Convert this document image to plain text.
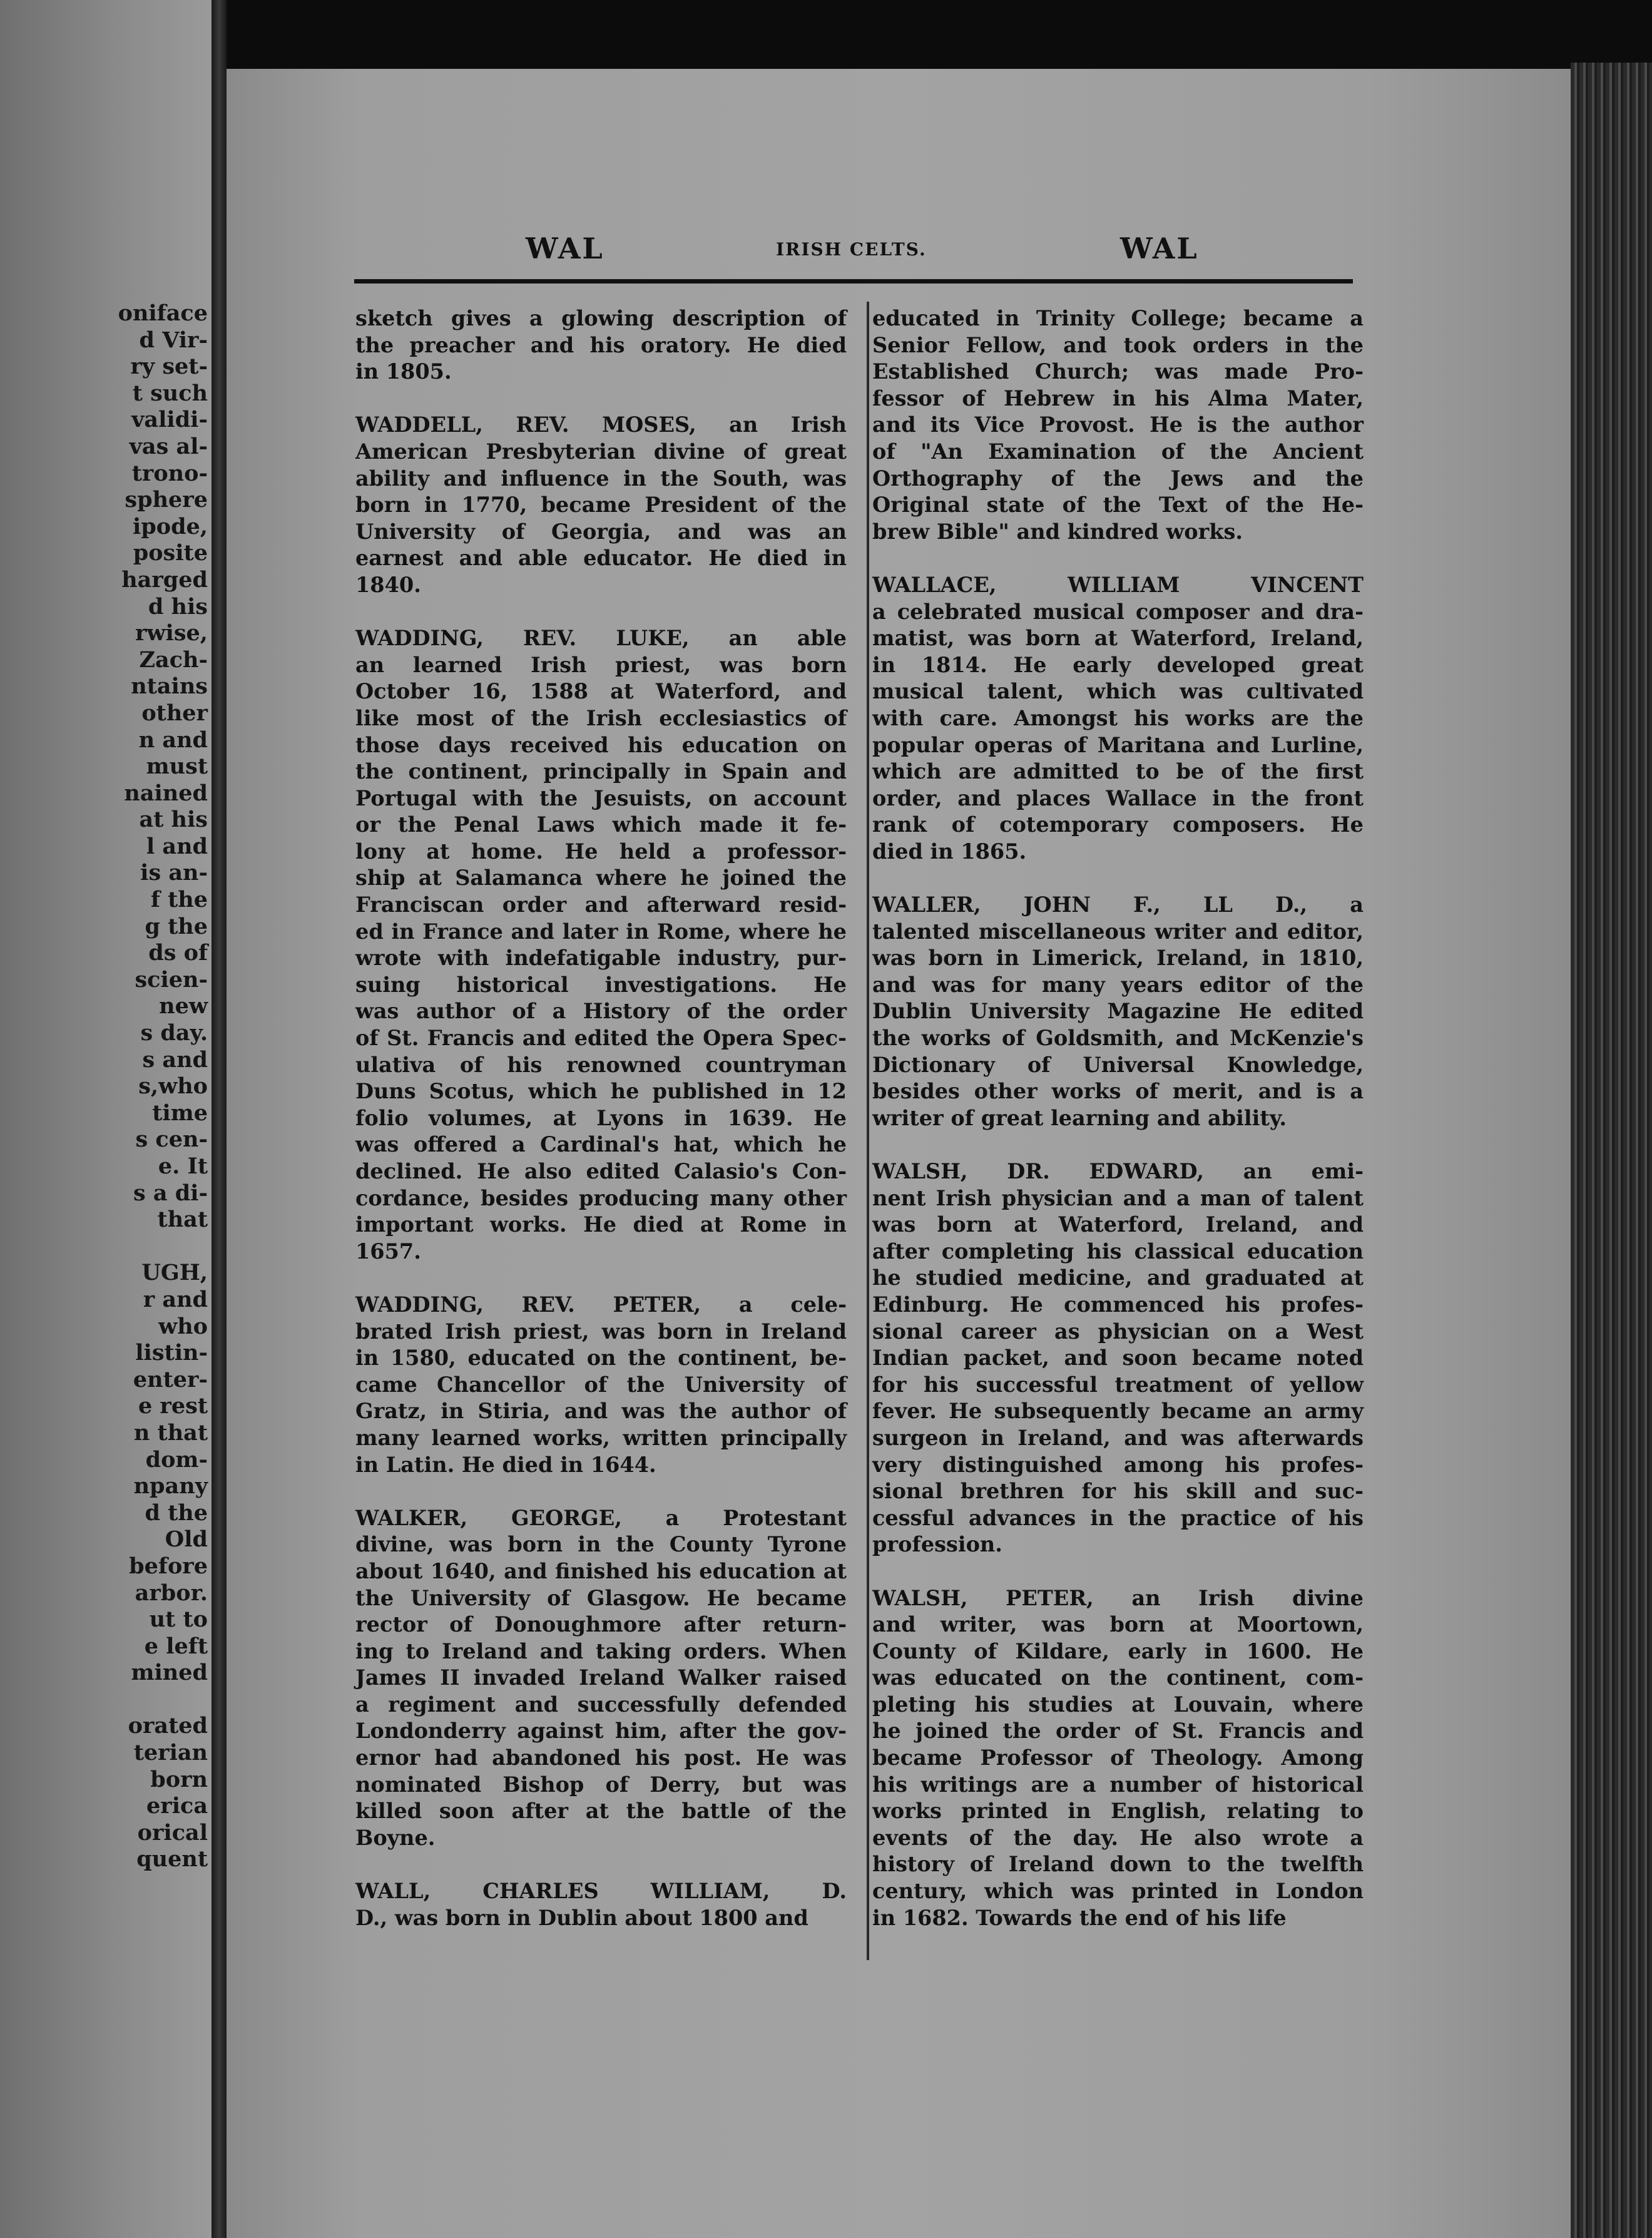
oniface
d Vir-
ry set-
t such
validi-
vas al-
trono-
sphere
ipode,
posite
harged
d his
rwise,
Zach-
ntains
other
n and
must
nained
at his
l and
is an-
f the
g the
ds of
scien-
new
s day.
s and
s,who
time
s cen-
e. It
s a di-
that
UGH,
r and
who
listin-
enter-
e rest
n that
dom-
npany
d the
Old
before
arbor.
ut to
e left
mined
orated
terian
born
erica
orical
quent
WAL	IRISH CELTS.	WAL
sketch gives a glowing description of
the preacher and his oratory. He died
in 1805.
WADDELL, REV. MOSES, an Irish
American Presbyterian divine of great
ability and influence in the South, was
born in 1770, became President of the
University of Georgia, and was an
earnest and able educator. He died in
1840.
WADDING, REV. LUKE, an able
an learned Irish priest, was born
October 16, 1588 at Waterford, and
like most of the Irish ecclesiastics of
those days received his education on
the continent, principally in Spain and
Portugal with the Jesuists, on account
or the Penal Laws which made it fe-
lony at home. He held a professor-
ship at Salamanca where he joined the
Franciscan order and afterward resid-
ed in France and later in Rome, where he
wrote with indefatigable industry, pur-
suing historical investigations. He
was author of a History of the order
of St. Francis and edited the Opera Spec-
ulativa of his renowned countryman
Duns Scotus, which he published in 12
folio volumes, at Lyons in 1639. He
was offered a Cardinal's hat, which he
declined. He also edited Calasio's Con-
cordance, besides producing many other
important works. He died at Rome in
1657.
WADDING, REV. PETER, a cele-
brated Irish priest, was born in Ireland
in 1580, educated on the continent, be-
came Chancellor of the University of
Gratz, in Stiria, and was the author of
many learned works, written principally
in Latin. He died in 1644.
WALKER, GEORGE, a Protestant
divine, was born in the County Tyrone
about 1640, and finished his education at
the University of Glasgow. He became
rector of Donoughmore after return-
ing to Ireland and taking orders. When
James II invaded Ireland Walker raised
a regiment and successfully defended
Londonderry against him, after the gov-
ernor had abandoned his post. He was
nominated Bishop of Derry, but was
killed soon after at the battle of the
Boyne.
WALL, CHARLES WILLIAM, D.
D., was born in Dublin about 1800 and
educated in Trinity College; became a
Senior Fellow, and took orders in the
Established Church; was made Pro-
fessor of Hebrew in his Alma Mater,
and its Vice Provost. He is the author
of "An Examination of the Ancient
Orthography of the Jews and the
Original state of the Text of the He-
brew Bible" and kindred works.
WALLACE, WILLIAM VINCENT
a celebrated musical composer and dra-
matist, was born at Waterford, Ireland,
in 1814. He early developed great
musical talent, which was cultivated
with care. Amongst his works are the
popular operas of Maritana and Lurline,
which are admitted to be of the first
order, and places Wallace in the front
rank of cotemporary composers. He
died in 1865.
WALLER, JOHN F., LL D., a
talented miscellaneous writer and editor,
was born in Limerick, Ireland, in 1810,
and was for many years editor of the
Dublin University Magazine He edited
the works of Goldsmith, and McKenzie's
Dictionary of Universal Knowledge,
besides other works of merit, and is a
writer of great learning and ability.
WALSH, DR. EDWARD, an emi-
nent Irish physician and a man of talent
was born at Waterford, Ireland, and
after completing his classical education
he studied medicine, and graduated at
Edinburg. He commenced his profes-
sional career as physician on a West
Indian packet, and soon became noted
for his successful treatment of yellow
fever. He subsequently became an army
surgeon in Ireland, and was afterwards
very distinguished among his profes-
sional brethren for his skill and suc-
cessful advances in the practice of his
profession.
WALSH, PETER, an Irish divine
and writer, was born at Moortown,
County of Kildare, early in 1600. He
was educated on the continent, com-
pleting his studies at Louvain, where
he joined the order of St. Francis and
became Professor of Theology. Among
his writings are a number of historical
works printed in English, relating to
events of the day. He also wrote a
history of Ireland down to the twelfth
century, which was printed in London
in 1682. Towards the end of his life
